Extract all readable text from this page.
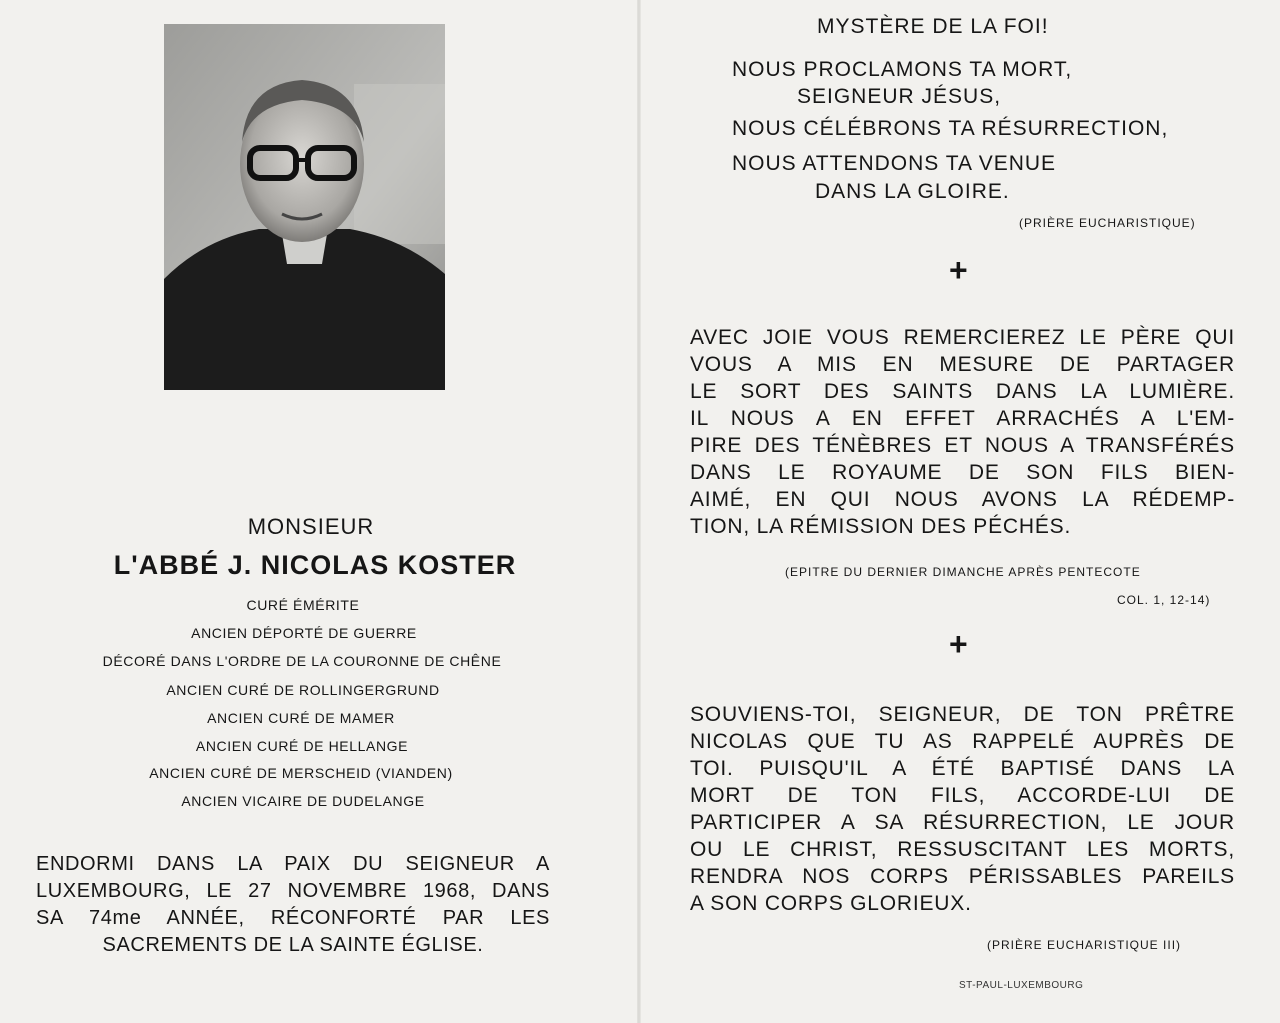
MONSIEUR
L'ABBÉ J. NICOLAS KOSTER
CURÉ ÉMÉRITE
ANCIEN DÉPORTÉ DE GUERRE
DÉCORÉ DANS L'ORDRE DE LA COURONNE DE CHÊNE
ANCIEN CURÉ DE ROLLINGERGRUND
ANCIEN CURÉ DE MAMER
ANCIEN CURÉ DE HELLANGE
ANCIEN CURÉ DE MERSCHEID (VIANDEN)
ANCIEN VICAIRE DE DUDELANGE
ENDORMI DANS LA PAIX DU SEIGNEUR A
LUXEMBOURG, LE 27 NOVEMBRE 1968, DANS
SA 74me ANNÉE, RÉCONFORTÉ PAR LES
SACREMENTS DE LA SAINTE ÉGLISE.
MYSTÈRE DE LA FOI!
NOUS PROCLAMONS TA MORT,
SEIGNEUR JÉSUS,
NOUS CÉLÉBRONS TA RÉSURRECTION,
NOUS ATTENDONS TA VENUE
DANS LA GLOIRE.
(PRIÈRE EUCHARISTIQUE)
+
AVEC JOIE VOUS REMERCIEREZ LE PÈRE QUI
VOUS A MIS EN MESURE DE PARTAGER
LE SORT DES SAINTS DANS LA LUMIÈRE.
IL NOUS A EN EFFET ARRACHÉS A L'EM-
PIRE DES TÉNÈBRES ET NOUS A TRANSFÉRÉS
DANS LE ROYAUME DE SON FILS BIEN-
AIMÉ, EN QUI NOUS AVONS LA RÉDEMP-
TION, LA RÉMISSION DES PÉCHÉS.
(EPITRE DU DERNIER DIMANCHE APRÈS PENTECOTE
COL. 1, 12-14)
+
SOUVIENS-TOI, SEIGNEUR, DE TON PRÊTRE
NICOLAS QUE TU AS RAPPELÉ AUPRÈS DE
TOI. PUISQU'IL A ÉTÉ BAPTISÉ DANS LA
MORT DE TON FILS, ACCORDE-LUI DE
PARTICIPER A SA RÉSURRECTION, LE JOUR
OU LE CHRIST, RESSUSCITANT LES MORTS,
RENDRA NOS CORPS PÉRISSABLES PAREILS
A SON CORPS GLORIEUX.
(PRIÈRE EUCHARISTIQUE III)
ST-PAUL-LUXEMBOURG
